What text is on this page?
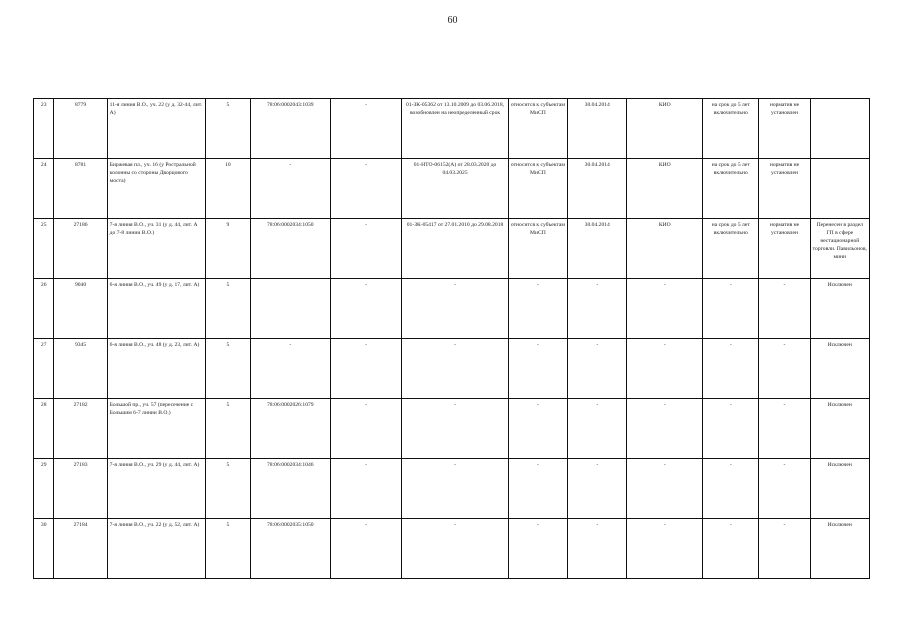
60
23	8779	11-я линия В.О., уч. 22 (у д. 32-44, лит. А)	5	78:06:0002043:1039	-	01-ЗК-05362 от 13.10.2009 до 03.06.2018, возобновлен на неопределенный срок	относится к субъектам МиСП	30.04.2014	КИО	на срок до 5 лет включительно	норматив не установлен	
24	8781	Биржевая пл., уч. 16 (у Ростральной колонны со стороны Дворцового моста)	10	-	-	01-НТО-06152(А) от 28.03.2020 до 04.03.2025	относится к субъектам МиСП	30.04.2014	КИО	на срок до 5 лет включительно	норматив не установлен	
25	27186	7-я линия В.О., уч. 31 (у д. 44, лит. А до 7-8 линии В.О.)	9	78:06:0002034:1050	-	01-ЗК-05417 от 27.01.2010 до 29.08.2018	относится к субъектам МиСП	30.04.2014	КИО	на срок до 5 лет включительно	норматив не установлен	Перенесен в раздел ГП в сфере нестационарной торговли. Павильонов, мини
26	9040	6-я линия В.О., уч. 49 (у д. 17, лит. А)	5		-	-	-	-	-	-	-	Исключен
27	9345	6-я линия В.О., уч. 48 (у д. 23, лит. А)	5	-	-	-	-	-	-	-	-	Исключен
28	27182	Большой пр., уч. 57 (пересечение с Большим 6-7 линии В.О.)	5	78:06:0002026:1079	-	-	-	-	-	-	-	Исключен
29	27183	7-я линия В.О., уч. 29 (у д. 44, лит. А)	5	78:06:0002034:1046	-	-	-	-	-	-	-	Исключен
30	27184	7-я линия В.О., уч. 22 (у д. 52, лит. А)	5	78:06:0002035:1050	-	-	-	-	-	-	-	Исключен
